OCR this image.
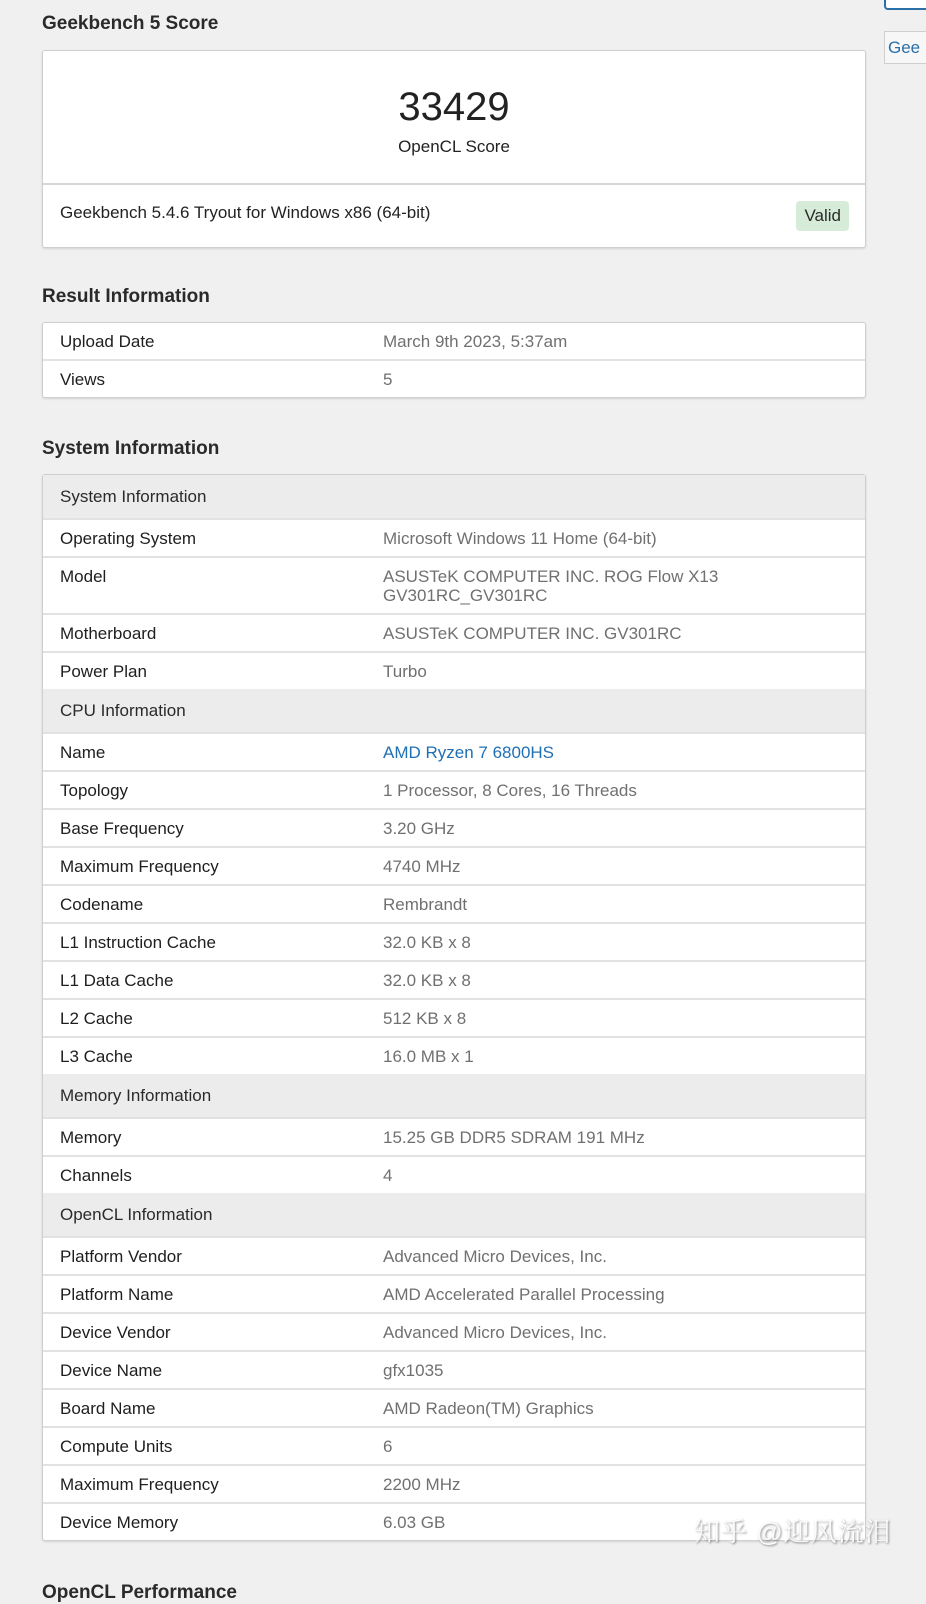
Geekbench 5 Score
33429
OpenCL Score
Geekbench 5.4.6 Tryout for Windows x86 (64-bit)	Valid
Result Information
Upload Date	March 9th 2023, 5:37am
Views	5
System Information
System Information	
Operating System	Microsoft Windows 11 Home (64-bit)
Model	ASUSTeK COMPUTER INC. ROG Flow X13
GV301RC_GV301RC

Motherboard	ASUSTeK COMPUTER INC. GV301RC
Power Plan	Turbo
CPU Information	
Name	AMD Ryzen 7 6800HS
Topology	1 Processor, 8 Cores, 16 Threads
Base Frequency	3.20 GHz
Maximum Frequency	4740 MHz
Codename	Rembrandt
L1 Instruction Cache	32.0 KB x 8
L1 Data Cache	32.0 KB x 8
L2 Cache	512 KB x 8
L3 Cache	16.0 MB x 1
Memory Information	
Memory	15.25 GB DDR5 SDRAM 191 MHz
Channels	4
OpenCL Information	
Platform Vendor	Advanced Micro Devices, Inc.
Platform Name	AMD Accelerated Parallel Processing
Device Vendor	Advanced Micro Devices, Inc.
Device Name	gfx1035
Board Name	AMD Radeon(TM) Graphics
Compute Units	6
Maximum Frequency	2200 MHz
Device Memory	6.03 GB
Gee
OpenCL Performance
知乎 @迎风流泪
